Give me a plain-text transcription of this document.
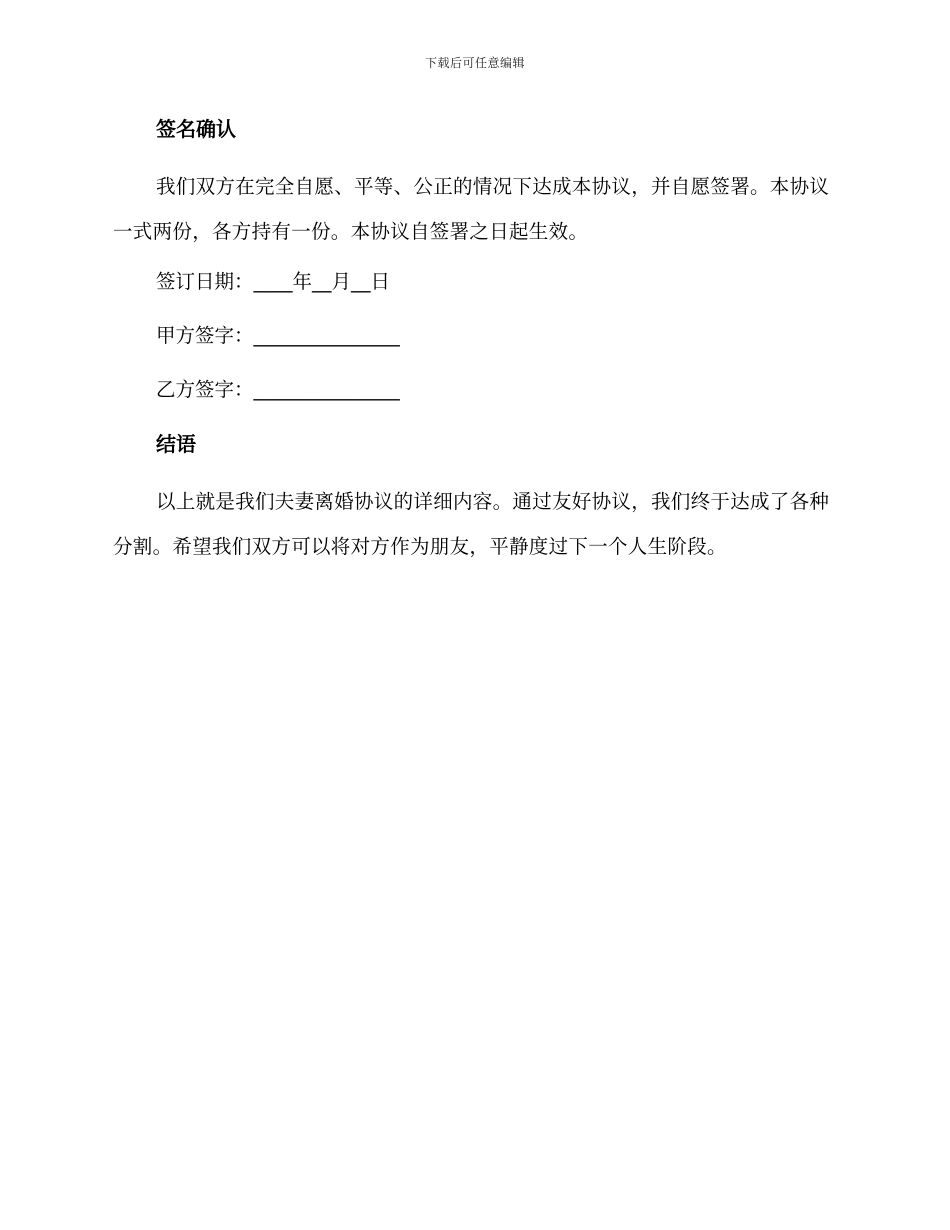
下载后可任意编辑
签名确认

我们双方在完全自愿、平等、公正的情况下达成本协议，并自愿签署。本协议一式两份，各方持有一份。本协议自签署之日起生效。

签订日期：____年__月__日
甲方签字：_______________
乙方签字：_______________
结语

以上就是我们夫妻离婚协议的详细内容。通过友好协议，我们终于达成了各种分割。希望我们双方可以将对方作为朋友，平静度过下一个人生阶段。
